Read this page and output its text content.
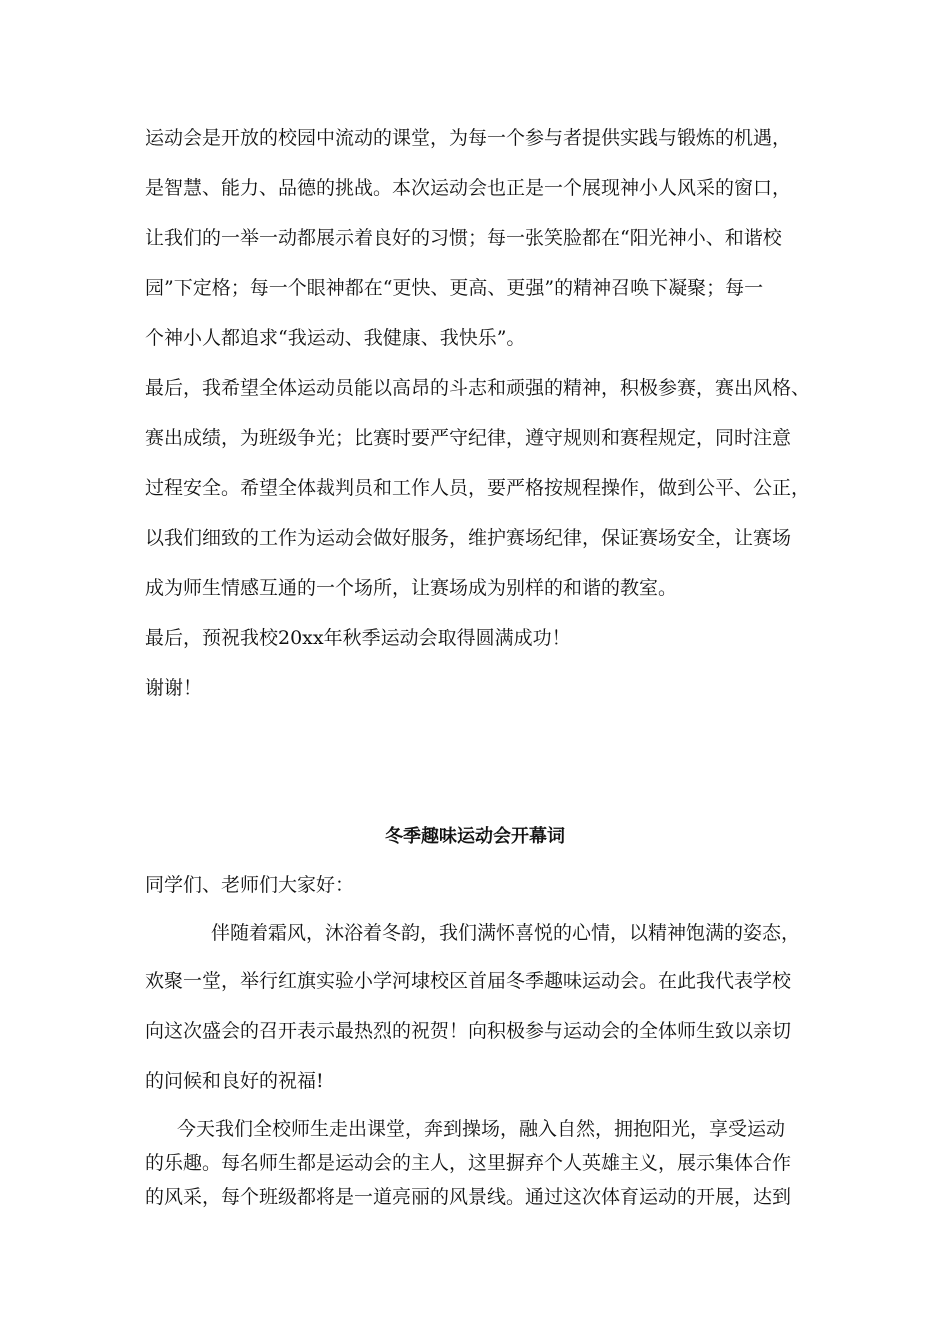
运动会是开放的校园中流动的课堂，为每一个参与者提供实践与锻炼的机遇，

是智慧、能力、品德的挑战。本次运动会也正是一个展现神小人风采的窗口，

让我们的一举一动都展示着良好的习惯；每一张笑脸都在“阳光神小、和谐校

园”下定格；每一个眼神都在“更快、更高、更强”的精神召唤下凝聚；每一

个神小人都追求“我运动、我健康、我快乐”。

最后，我希望全体运动员能以高昂的斗志和顽强的精神，积极参赛，赛出风格、

赛出成绩，为班级争光；比赛时要严守纪律，遵守规则和赛程规定，同时注意

过程安全。希望全体裁判员和工作人员，要严格按规程操作，做到公平、公正，

以我们细致的工作为运动会做好服务，维护赛场纪律，保证赛场安全，让赛场

成为师生情感互通的一个场所，让赛场成为别样的和谐的教室。

最后，预祝我校20xx年秋季运动会取得圆满成功！

谢谢！

冬季趣味运动会开幕词

同学们、老师们大家好：

伴随着霜风，沐浴着冬韵，我们满怀喜悦的心情，以精神饱满的姿态，

欢聚一堂，举行红旗实验小学河埭校区首届冬季趣味运动会。在此我代表学校

向这次盛会的召开表示最热烈的祝贺！向积极参与运动会的全体师生致以亲切

的问候和良好的祝福!

今天我们全校师生走出课堂，奔到操场，融入自然，拥抱阳光，享受运动

的乐趣。每名师生都是运动会的主人，这里摒弃个人英雄主义，展示集体合作

的风采，每个班级都将是一道亮丽的风景线。通过这次体育运动的开展，达到
